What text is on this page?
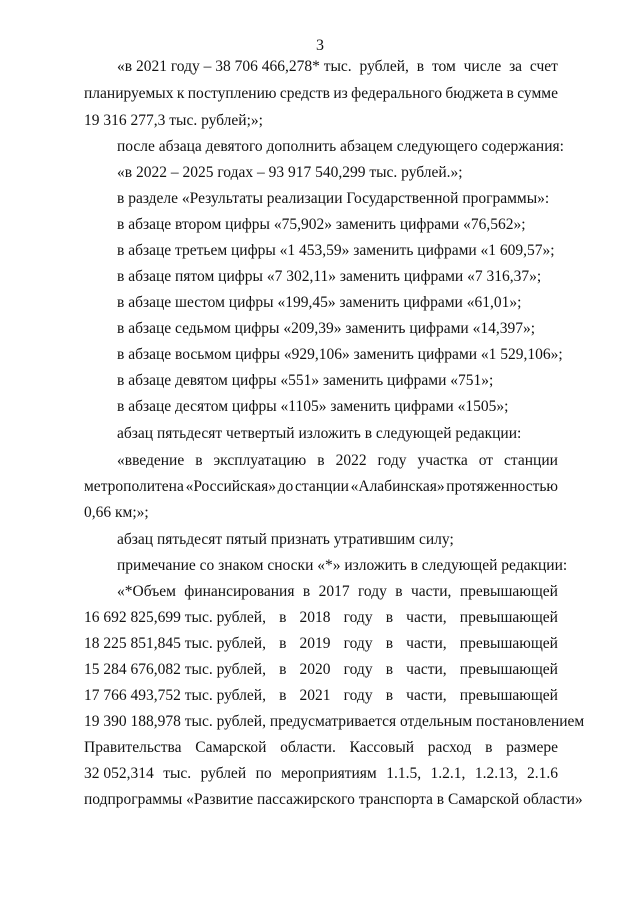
3
«в 2021 году – 38 706 466,278* тыс. рублей, в том числе за счет
планируемых к поступлению средств из федерального бюджета в сумме
19 316 277,3 тыс. рублей;»;
после абзаца девятого дополнить абзацем следующего содержания:
«в 2022 – 2025 годах – 93 917 540,299 тыс. рублей.»;
в разделе «Результаты реализации Государственной программы»:
в абзаце втором цифры «75,902» заменить цифрами «76,562»;
в абзаце третьем цифры «1 453,59» заменить цифрами «1 609,57»;
в абзаце пятом цифры «7 302,11» заменить цифрами «7 316,37»;
в абзаце шестом цифры «199,45» заменить цифрами «61,01»;
в абзаце седьмом цифры «209,39» заменить цифрами «14,397»;
в абзаце восьмом цифры «929,106» заменить цифрами «1 529,106»;
в абзаце девятом цифры «551» заменить цифрами «751»;
в абзаце десятом цифры «1105» заменить цифрами «1505»;
абзац пятьдесят четвертый изложить в следующей редакции:
«введение в эксплуатацию в 2022 году участка от станции
метрополитена «Российская» до станции «Алабинская» протяженностью
0,66 км;»;
абзац пятьдесят пятый признать утратившим силу;
примечание со знаком сноски «*» изложить в следующей редакции:
«*Объем финансирования в 2017 году в части, превышающей
16 692 825,699 тыс. рублей, в 2018 году в части, превышающей
18 225 851,845 тыс. рублей, в 2019 году в части, превышающей
15 284 676,082 тыс. рублей, в 2020 году в части, превышающей
17 766 493,752 тыс. рублей, в 2021 году в части, превышающей
19 390 188,978 тыс. рублей, предусматривается отдельным постановлением
Правительства Самарской области. Кассовый расход в размере
32 052,314 тыс. рублей по мероприятиям 1.1.5, 1.2.1, 1.2.13, 2.1.6
подпрограммы «Развитие пассажирского транспорта в Самарской области»
